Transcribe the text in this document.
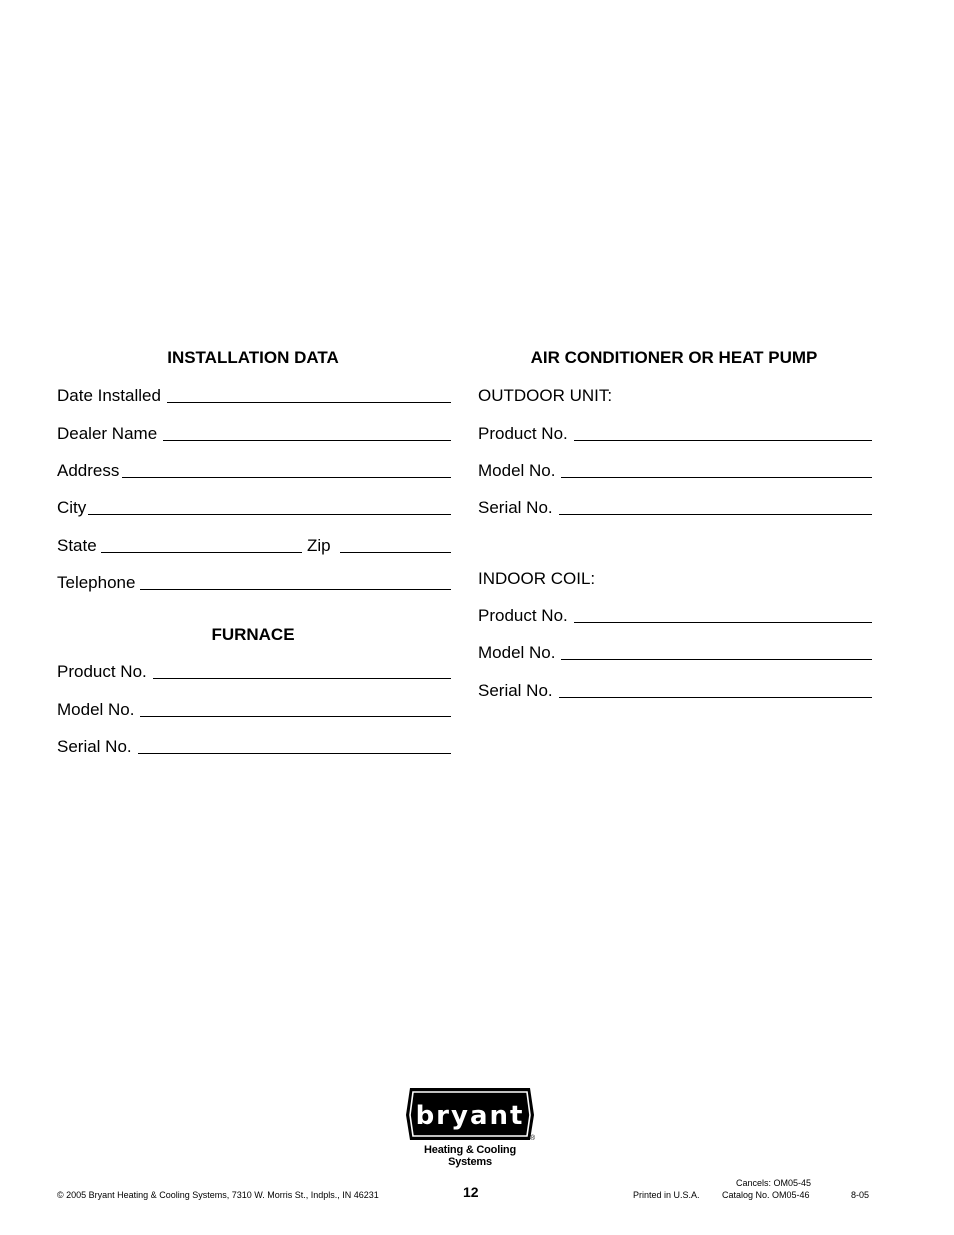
INSTALLATION DATA
Date Installed
Dealer Name
Address
City
State	Zip
Telephone
FURNACE
Product No.
Model No.
Serial No.
AIR CONDITIONER OR HEAT PUMP
OUTDOOR UNIT:
Product No.
Model No.
Serial No.
INDOOR COIL:
Product No.
Model No.
Serial No.
bryant
®
Heating & Cooling Systems
© 2005 Bryant Heating & Cooling Systems, 7310 W. Morris St., Indpls., IN 46231	12	Printed in U.S.A.
Cancels: OM05-45
Catalog No. OM05-46	8-05
